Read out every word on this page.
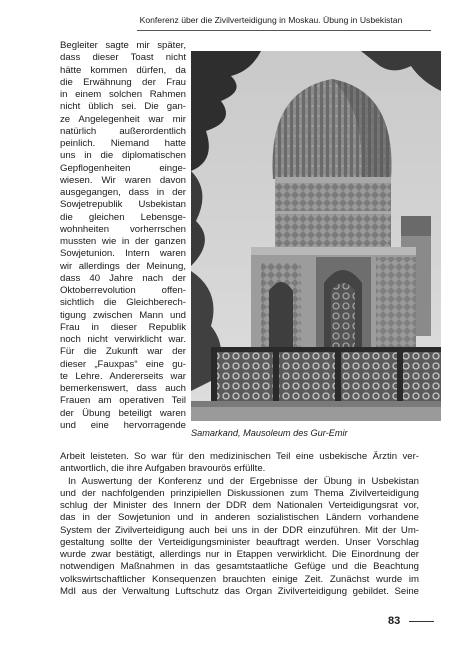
Konferenz über die Zivilverteidigung in Moskau. Übung in Usbekistan
Begleiter sagte mir später,
dass dieser Toast nicht
hätte kommen dürfen, da
die Erwähnung der Frau
in einem solchen Rahmen
nicht üblich sei. Die gan-
ze Angelegenheit war mir
natürlich außerordentlich
peinlich. Niemand hatte
uns in die diplomatischen
Gepflogenheiten einge-
wiesen. Wir waren davon
ausgegangen, dass in der
Sowjetrepublik Usbekistan
die gleichen Lebensge-
wohnheiten vorherrschen
mussten wie in der ganzen
Sowjetunion. Intern waren
wir allerdings der Meinung,
dass 40 Jahre nach der
Oktoberrevolution offen-
sichtlich die Gleichberech-
tigung zwischen Mann und
Frau in dieser Republik
noch nicht verwirklicht war.
Für die Zukunft war der
dieser „Fauxpas“ eine gu-
te Lehre. Andererseits war
bemerkenswert, dass auch
Frauen am operativen Teil
der Übung beteiligt waren
und eine hervorragende
Samarkand, Mausoleum des Gur-Emir
Arbeit leisteten. So war für den medizinischen Teil eine usbekische Ärztin ver-
antwortlich, die ihre Aufgaben bravourös erfüllte.
In Auswertung der Konferenz und der Ergebnisse der Übung in Usbekistan
und der nachfolgenden prinzipiellen Diskussionen zum Thema Zivilverteidigung
schlug der Minister des Innern der DDR dem Nationalen Verteidigungsrat vor,
das in der Sowjetunion und in anderen sozialistischen Ländern vorhandene
System der Zivilverteidigung auch bei uns in der DDR einzuführen. Mit der Um-
gestaltung sollte der Verteidigungsminister beauftragt werden. Unser Vorschlag
wurde zwar bestätigt, allerdings nur in Etappen verwirklicht. Die Einordnung der
notwendigen Maßnahmen in das gesamtstaatliche Gefüge und die Beachtung
volkswirtschaftlicher Konsequenzen brauchten einige Zeit. Zunächst wurde im
MdI aus der Verwaltung Luftschutz das Organ Zivilverteidigung gebildet. Seine
83
